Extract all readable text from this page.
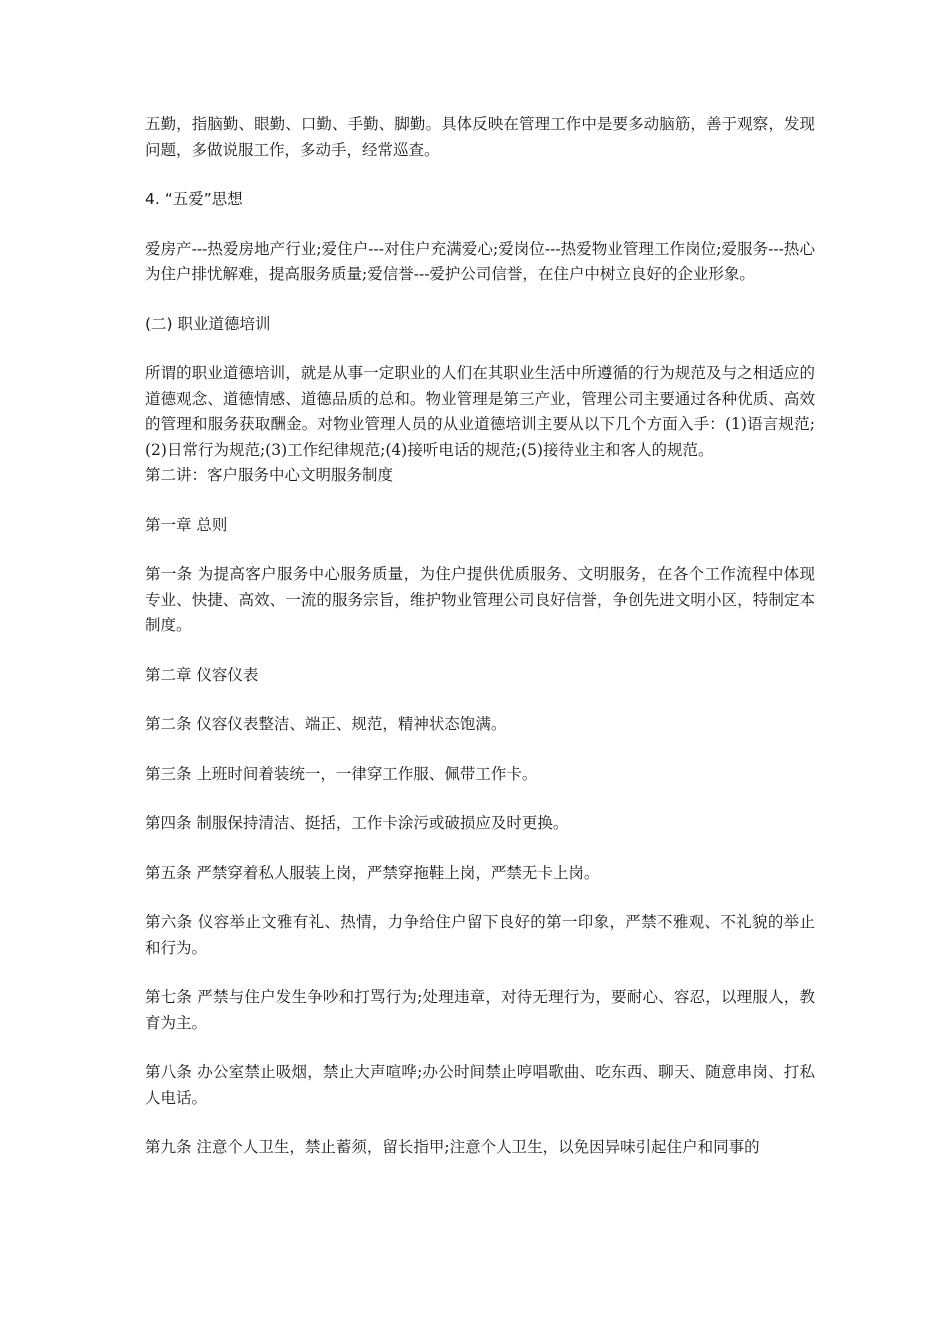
五勤，指脑勤、眼勤、口勤、手勤、脚勤。具体反映在管理工作中是要多动脑筋，善于观察，发现问题，多做说服工作，多动手，经常巡查。

4. “五爱”思想

爱房产---热爱房地产行业;爱住户---对住户充满爱心;爱岗位---热爱物业管理工作岗位;爱服务---热心为住户排忧解难，提高服务质量;爱信誉---爱护公司信誉，在住户中树立良好的企业形象。

(二) 职业道德培训

所谓的职业道德培训，就是从事一定职业的人们在其职业生活中所遵循的行为规范及与之相适应的道德观念、道德情感、道德品质的总和。物业管理是第三产业，管理公司主要通过各种优质、高效的管理和服务获取酬金。对物业管理人员的从业道德培训主要从以下几个方面入手：(1)语言规范;(2)日常行为规范;(3)工作纪律规范;(4)接听电话的规范;(5)接待业主和客人的规范。

第二讲：客户服务中心文明服务制度

第一章 总则

第一条 为提高客户服务中心服务质量，为住户提供优质服务、文明服务，在各个工作流程中体现专业、快捷、高效、一流的服务宗旨，维护物业管理公司良好信誉，争创先进文明小区，特制定本制度。

第二章 仪容仪表

第二条 仪容仪表整洁、端正、规范，精神状态饱满。

第三条 上班时间着装统一，一律穿工作服、佩带工作卡。

第四条 制服保持清洁、挺括，工作卡涂污或破损应及时更换。

第五条 严禁穿着私人服装上岗，严禁穿拖鞋上岗，严禁无卡上岗。

第六条 仪容举止文雅有礼、热情，力争给住户留下良好的第一印象，严禁不雅观、不礼貌的举止和行为。

第七条 严禁与住户发生争吵和打骂行为;处理违章，对待无理行为，要耐心、容忍，以理服人，教育为主。

第八条 办公室禁止吸烟，禁止大声喧哗;办公时间禁止哼唱歌曲、吃东西、聊天、随意串岗、打私人电话。

第九条 注意个人卫生，禁止蓄须，留长指甲;注意个人卫生，以免因异味引起住户和同事的
